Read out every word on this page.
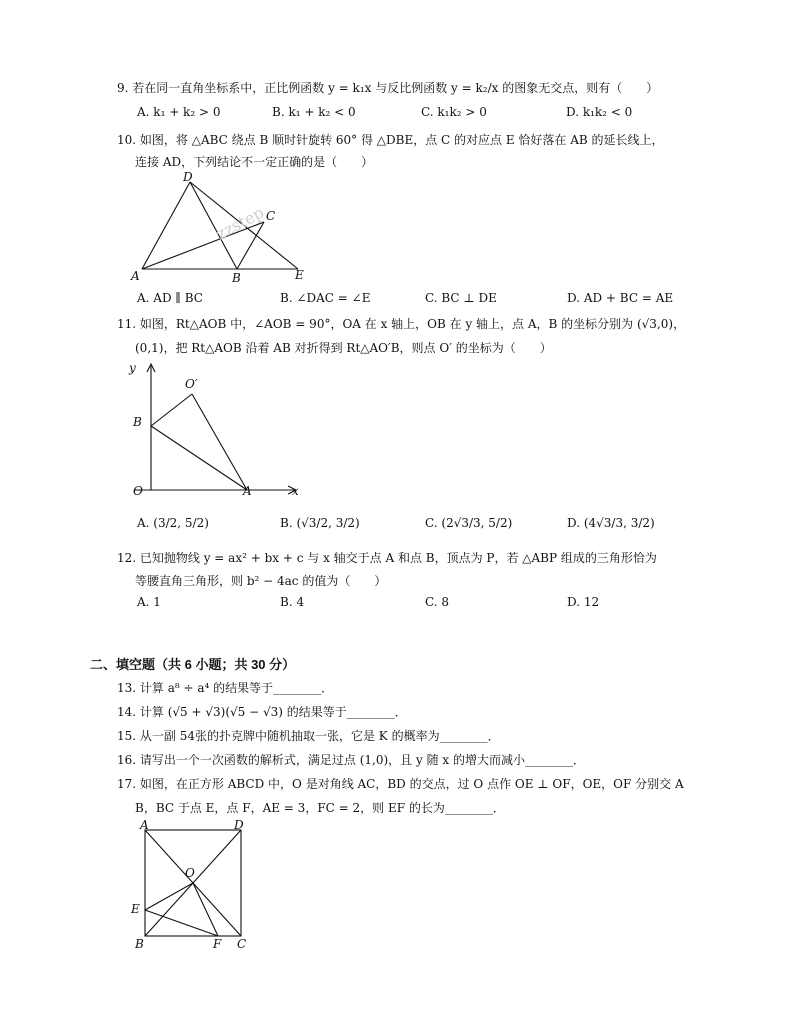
9. 若在同一直角坐标系中，正比例函数 y = k₁x 与反比例函数 y = k₂/x 的图象无交点，则有（　　）
A. k₁ + k₂ > 0	B. k₁ + k₂ < 0	C. k₁k₂ > 0	D. k₁k₂ < 0
10. 如图，将 △ABC 绕点 B 顺时针旋转 60° 得 △DBE，点 C 的对应点 E 恰好落在 AB 的延长线上，
连接 AD，下列结论不一定正确的是（　　）
zzstep
D
C
A	B	E
A. AD ∥ BC	B. ∠DAC = ∠E	C. BC ⊥ DE	D. AD + BC = AE
11. 如图，Rt△AOB 中，∠AOB = 90°，OA 在 x 轴上，OB 在 y 轴上，点 A，B 的坐标分别为 (√3,0)，
(0,1)，把 Rt△AOB 沿着 AB 对折得到 Rt△AO′B，则点 O′ 的坐标为（　　）
y
O′
B
O	A	x
A. (3/2, 5/2)	B. (√3/2, 3/2)	C. (2√3/3, 5/2)	D. (4√3/3, 3/2)
12. 已知抛物线 y = ax² + bx + c 与 x 轴交于点 A 和点 B，顶点为 P，若 △ABP 组成的三角形恰为
等腰直角三角形，则 b² − 4ac 的值为（　　）
A. 1	B. 4	C. 8	D. 12
二、填空题（共 6 小题；共 30 分）
13. 计算 a⁸ ÷ a⁴ 的结果等于________．
14. 计算 (√5 + √3)(√5 − √3) 的结果等于________．
15. 从一副 54张的扑克牌中随机抽取一张，它是 K 的概率为________．
16. 请写出一个一次函数的解析式，满足过点 (1,0)，且 y 随 x 的增大而减小________．
17. 如图，在正方形 ABCD 中，O 是对角线 AC，BD 的交点，过 O 点作 OE ⊥ OF，OE，OF 分别交 A
B，BC 于点 E，点 F，AE = 3，FC = 2，则 EF 的长为________．
A	D
O
E
B	F C
